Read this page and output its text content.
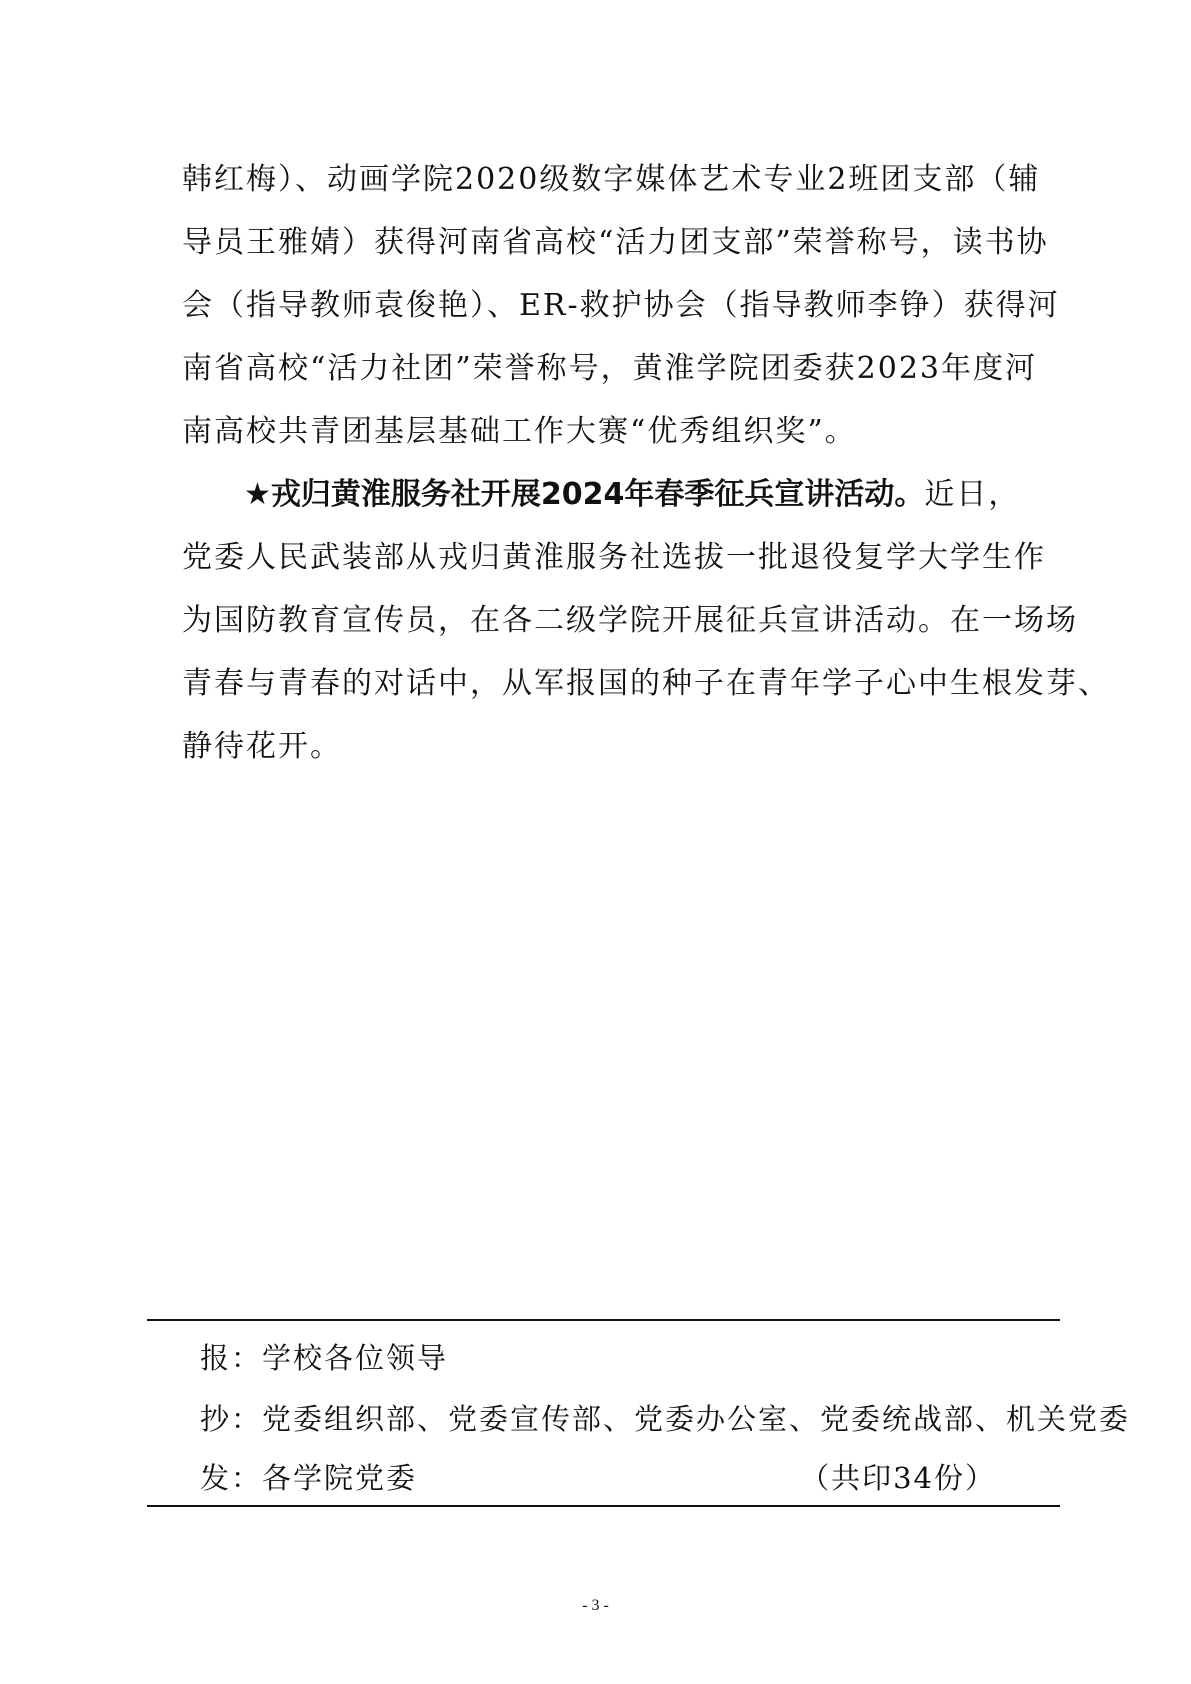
韩红梅）、动画学院2020级数字媒体艺术专业2班团支部（辅
导员王雅婧）获得河南省高校“活力团支部”荣誉称号，读书协
会（指导教师袁俊艳）、ER-救护协会（指导教师李铮）获得河
南省高校“活力社团”荣誉称号，黄淮学院团委获2023年度河
南高校共青团基层基础工作大赛“优秀组织奖”。
★戎归黄淮服务社开展2024年春季征兵宣讲活动。近日，
党委人民武装部从戎归黄淮服务社选拔一批退役复学大学生作
为国防教育宣传员，在各二级学院开展征兵宣讲活动。在一场场
青春与青春的对话中，从军报国的种子在青年学子心中生根发芽、
静待花开。
报：学校各位领导
抄：党委组织部、党委宣传部、党委办公室、党委统战部、机关党委
发：各学院党委	（共印34份）
- 3 -
